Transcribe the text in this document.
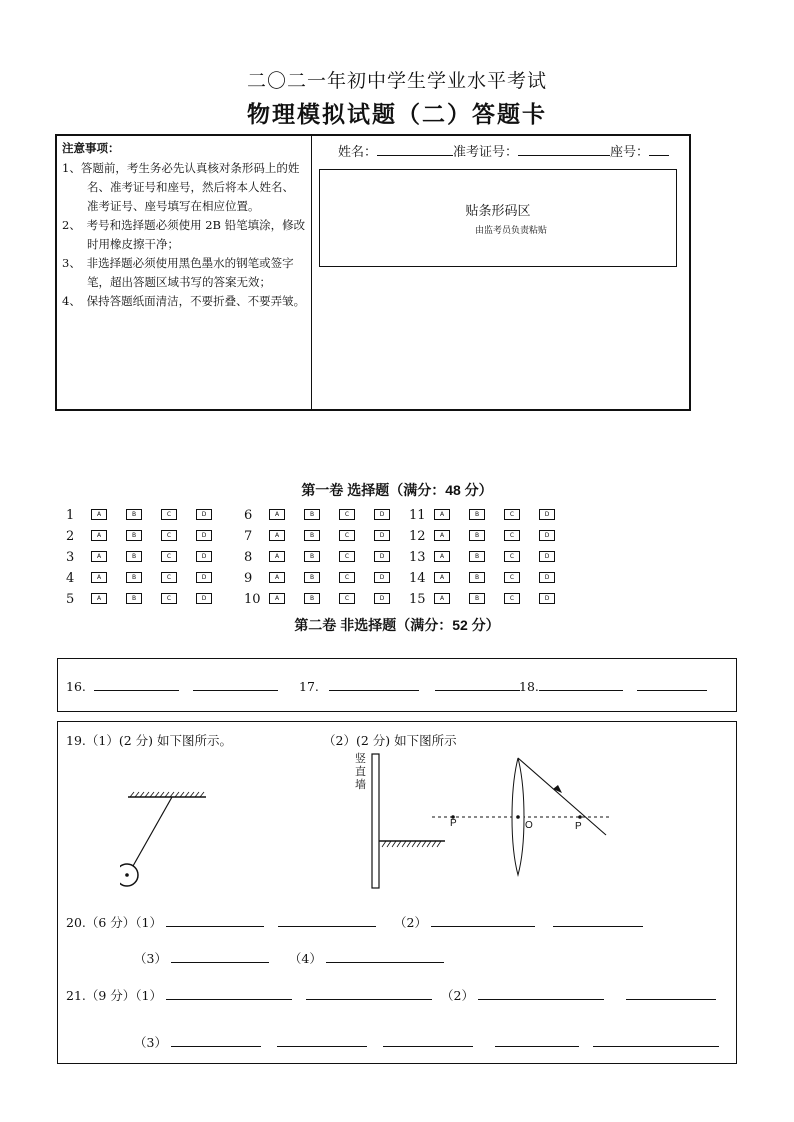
二〇二一年初中学生学业水平考试
物理模拟试题（二）答题卡
注意事项：
1、答题前，考生务必先认真核对条形码上的姓
名、准考证号和座号，然后将本人姓名、
准考证号、座号填写在相应位置。
2、　考号和选择题必须使用 2B 铅笔填涂，修改
时用橡皮擦干净；
3、　非选择题必须使用黑色墨水的钢笔或签字
笔，超出答题区域书写的答案无效；
4、　保持答题纸面清洁，不要折叠、不要弄皱。
姓名：	准考证号：	座号：
贴条形码区
由监考员负责粘贴
第一卷 选择题（满分：48 分）
1	A	B	C	D
2	A	B	C	D
3	A	B	C	D
4	A	B	C	D
5	A	B	C	D
6	A	B	C	D
7	A	B	C	D
8	A	B	C	D
9	A	B	C	D
10 A	B	C	D
11 A	B	C	D
12 A	B	C	D
13 A	B	C	D
14 A	B	C	D
15 A	B	C	D
第二卷 非选择题（满分：52 分）
16.	17.	18.
19.（1）(2 分) 如下图所示。	（2）(2 分) 如下图所示
竖直墙
P	O	P
20.（6 分）（1）	（2）
（3）	（4）
21.（9 分）（1）	（2）
（3）
